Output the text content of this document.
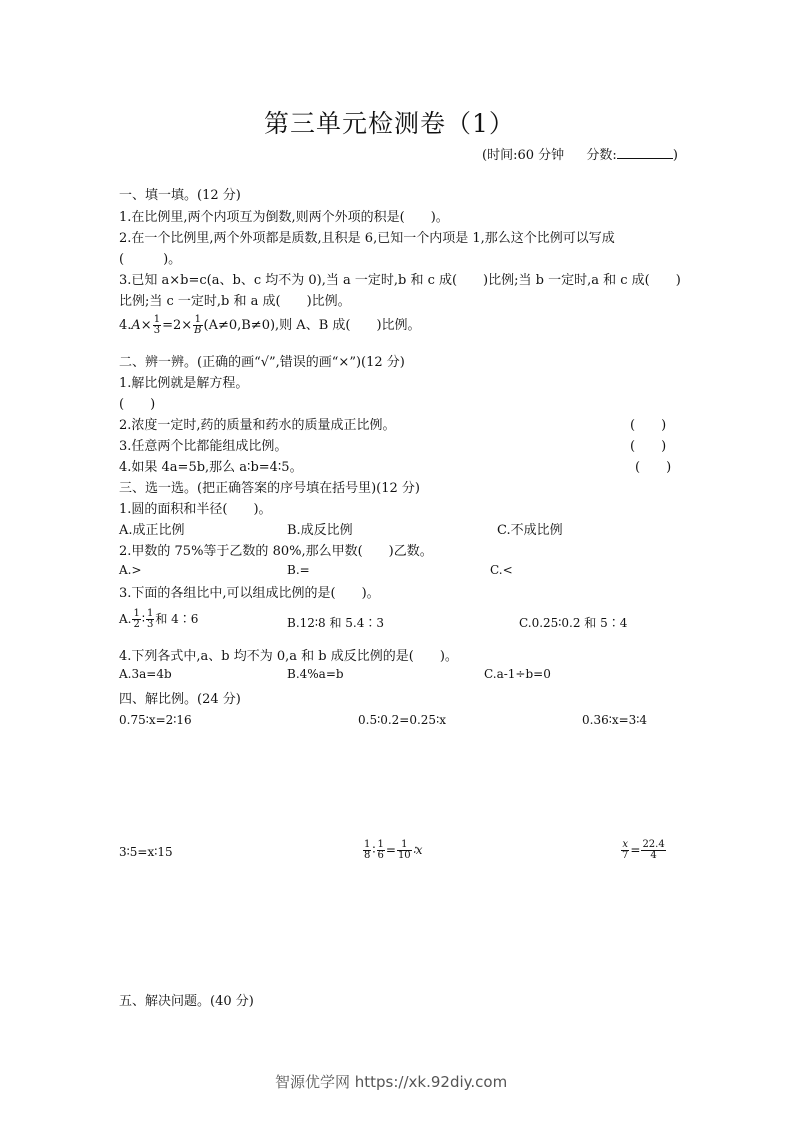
第三单元检测卷（1）
(时间:60 分钟 分数:	)
一、填一填。(12 分)
1.在比例里,两个内项互为倒数,则两个外项的积是(　　)。
2.在一个比例里,两个外项都是质数,且积是 6,已知一个内项是 1,那么这个比例可以写成
(　　　)。
3.已知 a×b=c(a、b、c 均不为 0),当 a 一定时,b 和 c 成(　　)比例;当 b 一定时,a 和 c 成(　　)
比例;当 c 一定时,b 和 a 成(　　)比例。
$4.A\times \frac{1}{3} =2\times \frac{1}{B} (A\ne 0,B\ne 0)$,则 A、B 成(　　)比例。
二、辨一辨。(正确的画“√”,错误的画“×”)(12 分)
1.解比例就是解方程。
(　　)
2.浓度一定时,药的质量和药水的质量成正比例。	(　　)
3.任意两个比都能组成比例。	(　　)
4.如果 4a=5b,那么 a∶b=4∶5。	(　　)
三、选一选。(把正确答案的序号填在括号里)(12 分)
1.圆的面积和半径(　　)。
A.成正比例	B.成反比例	C.不成比例
2.甲数的 75%等于乙数的 80%,那么甲数(　　)乙数。
A.>	B.=	C.<
3.下面的各组比中,可以组成比例的是(　　)。
A. $\frac{1}{2}$ ∶ $\frac{1}{3}$ 和 4∶6	B.12∶8 和 5.4∶3	C.0.25∶0.2 和 5∶4
4.下列各式中,a、b 均不为 0,a 和 b 成反比例的是(　　)。
A.3a=4b	B.4%a=b	C.a-1÷b=0
四、解比例。(24 分)
0.75∶x=2∶16	0.5∶0.2=0.25∶x	0.36∶x=3∶4
3∶5=x∶15	$\frac{1}{8}$ ∶ $\frac{1}{6} = \frac{1}{10}$ ∶x	$\frac{x}{7} = \frac{22.4}{4}$
五、解决问题。(40 分)
智源优学网 https://xk.92diy.com
